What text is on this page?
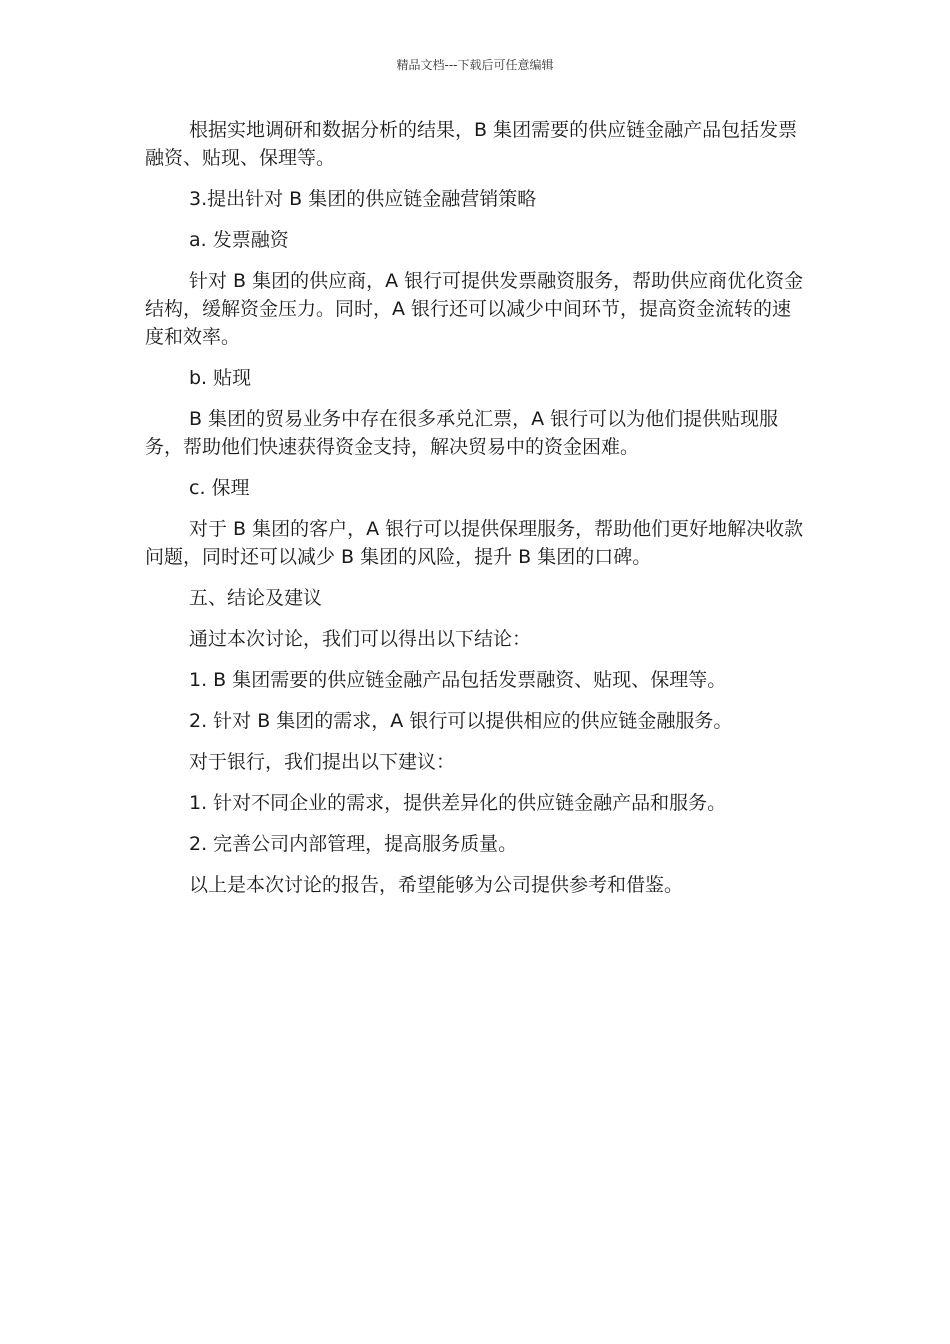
精品文档---下载后可任意编辑

根据实地调研和数据分析的结果，B 集团需要的供应链金融产品包括发票融资、贴现、保理等。

3.提出针对 B 集团的供应链金融营销策略

a. 发票融资

针对 B 集团的供应商，A 银行可提供发票融资服务，帮助供应商优化资金结构，缓解资金压力。同时，A 银行还可以减少中间环节，提高资金流转的速度和效率。

b. 贴现

B 集团的贸易业务中存在很多承兑汇票，A 银行可以为他们提供贴现服务，帮助他们快速获得资金支持，解决贸易中的资金困难。

c. 保理

对于 B 集团的客户，A 银行可以提供保理服务，帮助他们更好地解决收款问题，同时还可以减少 B 集团的风险，提升 B 集团的口碑。

五、结论及建议

通过本次讨论，我们可以得出以下结论：

1. B 集团需要的供应链金融产品包括发票融资、贴现、保理等。

2. 针对 B 集团的需求，A 银行可以提供相应的供应链金融服务。

对于银行，我们提出以下建议：

1. 针对不同企业的需求，提供差异化的供应链金融产品和服务。

2. 完善公司内部管理，提高服务质量。

以上是本次讨论的报告，希望能够为公司提供参考和借鉴。
